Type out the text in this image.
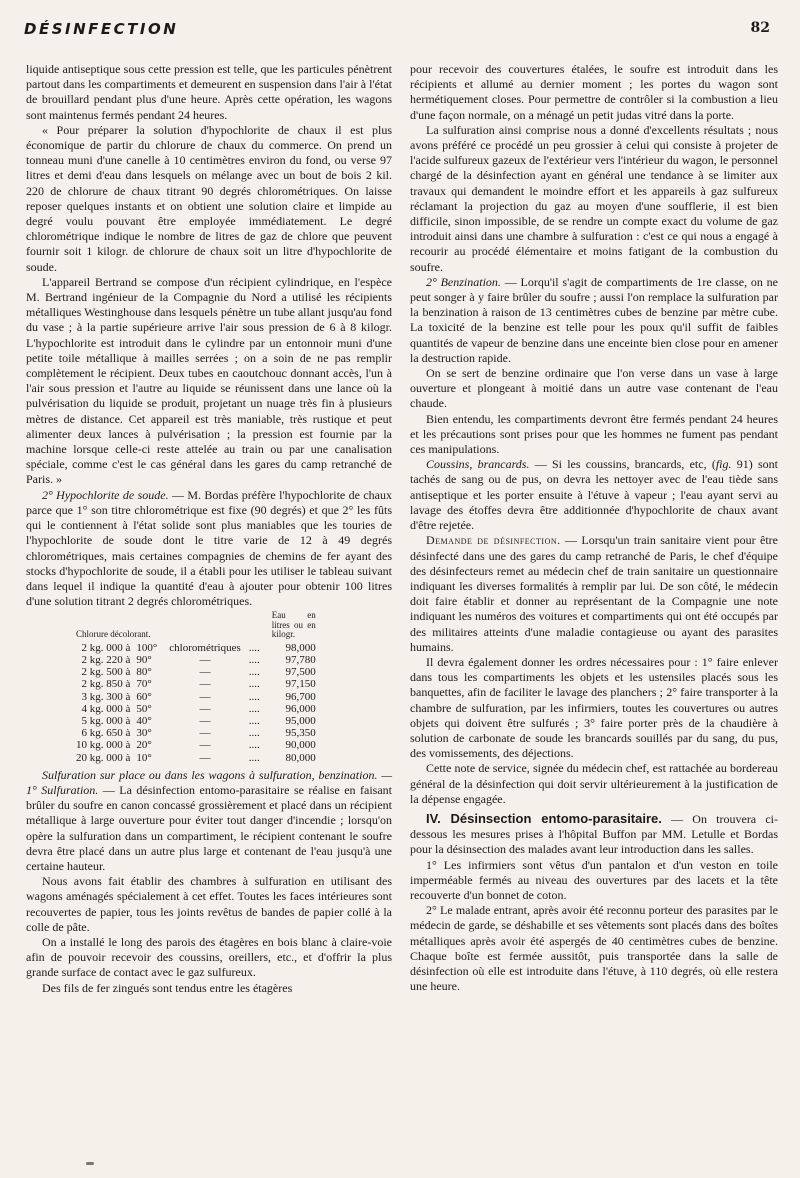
DÉSINFECTION	82

liquide antiseptique sous cette pression est telle, que les particules pénètrent partout dans les compartiments et demeurent en suspension dans l'air à l'état de brouillard pendant plus d'une heure. Après cette opération, les wagons sont maintenus fermés pendant 24 heures.

« Pour préparer la solution d'hypochlorite de chaux il est plus économique de partir du chlorure de chaux du commerce. On prend un tonneau muni d'une canelle à 10 centimètres environ du fond, ou verse 97 litres et demi d'eau dans lesquels on mélange avec un bout de bois 2 kil. 220 de chlorure de chaux titrant 90 degrés chlorométriques. On laisse reposer quelques instants et on obtient une solution claire et limpide au degré voulu pouvant être employée immédiatement. Le degré chlorométrique indique le nombre de litres de gaz de chlore que peuvent fournir soit 1 kilogr. de chlorure de chaux soit un litre d'hypochlorite de soude.

L'appareil Bertrand se compose d'un récipient cylindrique, en l'espèce M. Bertrand ingénieur de la Compagnie du Nord a utilisé les récipients métalliques Westinghouse dans lesquels pénètre un tube allant jusqu'au fond du vase ; à la partie supérieure arrive l'air sous pression de 6 à 8 kilogr. L'hypochlorite est introduit dans le cylindre par un entonnoir muni d'une petite toile métallique à mailles serrées ; on a soin de ne pas remplir complètement le récipient. Deux tubes en caoutchouc donnant accès, l'un à l'air sous pression et l'autre au liquide se réunissent dans une lance où la pulvérisation du liquide se produit, projetant un nuage très fin à plusieurs mètres de distance. Cet appareil est très maniable, très rustique et peut alimenter deux lances à pulvérisation ; la pression est fournie par la machine lorsque celle-ci reste attelée au train ou par une canalisation spéciale, comme c'est le cas général dans les gares du camp retranché de Paris. »

2° Hypochlorite de soude. — M. Bordas préfère l'hypochlorite de chaux parce que 1° son titre chlorométrique est fixe (90 degrés) et que 2° les fûts qui le contiennent à l'état solide sont plus maniables que les touries de l'hypochlorite de soude dont le titre varie de 12 à 49 degrés chlorométriques, mais certaines compagnies de chemins de fer ayant des stocks d'hypochlorite de soude, il a établi pour les utiliser le tableau suivant dans lequel il indique la quantité d'eau à ajouter pour obtenir 100 litres d'une solution titrant 2 degrés chlorométriques.

Chlorure décolorant.				Eau en litres ou en kilogr.
2 kg. 000 à	100°	chlorométriques	....	98,000
2 kg. 220 à	90°	—	....	97,780
2 kg. 500 à	80°	—	....	97,500
2 kg. 850 à	70°	—	....	97,150
3 kg. 300 à	60°	—	....	96,700
4 kg. 000 à	50°	—	....	96,000
5 kg. 000 à	40°	—	....	95,000
6 kg. 650 à	30°	—	....	95,350
10 kg. 000 à	20°	—	....	90,000
20 kg. 000 à	10°	—	....	80,000

Sulfuration sur place ou dans les wagons à sulfuration, benzination. — 1° Sulfuration. — La désinfection entomo-parasitaire se réalise en faisant brûler du soufre en canon concassé grossièrement et placé dans un récipient métallique à large ouverture pour éviter tout danger d'incendie ; lorsqu'on opère la sulfuration dans un compartiment, le récipient contenant le soufre devra être placé dans un autre plus large et contenant de l'eau jusqu'à une certaine hauteur.

Nous avons fait établir des chambres à sulfuration en utilisant des wagons aménagés spécialement à cet effet. Toutes les faces intérieures sont recouvertes de papier, tous les joints revêtus de bandes de papier collé à la colle de pâte.

On a installé le long des parois des étagères en bois blanc à claire-voie afin de pouvoir recevoir des coussins, oreillers, etc., et d'offrir la plus grande surface de contact avec le gaz sulfureux.

Des fils de fer zingués sont tendus entre les étagères

pour recevoir des couvertures étalées, le soufre est introduit dans les récipients et allumé au dernier moment ; les portes du wagon sont hermétiquement closes. Pour permettre de contrôler si la combustion a lieu d'une façon normale, on a ménagé un petit judas vitré dans la porte.

La sulfuration ainsi comprise nous a donné d'excellents résultats ; nous avons préféré ce procédé un peu grossier à celui qui consiste à projeter de l'acide sulfureux gazeux de l'extérieur vers l'intérieur du wagon, le personnel chargé de la désinfection ayant en général une tendance à se limiter aux travaux qui demandent le moindre effort et les appareils à gaz sulfureux réclamant la projection du gaz au moyen d'une soufflerie, il est bien difficile, sinon impossible, de se rendre un compte exact du volume de gaz introduit ainsi dans une chambre à sulfuration : c'est ce qui nous a engagé à recourir au procédé élémentaire et moins fatigant de la combustion du soufre.

2° Benzination. — Lorqu'il s'agit de compartiments de 1re classe, on ne peut songer à y faire brûler du soufre ; aussi l'on remplace la sulfuration par la benzination à raison de 13 centimètres cubes de benzine par mètre cube. La toxicité de la benzine est telle pour les poux qu'il suffit de faibles quantités de vapeur de benzine dans une enceinte bien close pour en amener la destruction rapide.

On se sert de benzine ordinaire que l'on verse dans un vase à large ouverture et plongeant à moitié dans un autre vase contenant de l'eau chaude.

Bien entendu, les compartiments devront être fermés pendant 24 heures et les précautions sont prises pour que les hommes ne fument pas pendant ces manipulations.

Coussins, brancards. — Si les coussins, brancards, etc, (fig. 91) sont tachés de sang ou de pus, on devra les nettoyer avec de l'eau tiède sans antiseptique et les porter ensuite à l'étuve à vapeur ; l'eau ayant servi au lavage des étoffes devra être additionnée d'hypochlorite de chaux avant d'être rejetée.

Demande de désinfection. — Lorsqu'un train sanitaire vient pour être désinfecté dans une des gares du camp retranché de Paris, le chef d'équipe des désinfecteurs remet au médecin chef de train sanitaire un questionnaire indiquant les diverses formalités à remplir par lui. De son côté, le médecin doit faire établir et donner au représentant de la Compagnie une note indiquant les numéros des voitures et compartiments qui ont été occupés par des militaires atteints d'une maladie contagieuse ou ayant des parasites humains.

Il devra également donner les ordres nécessaires pour : 1° faire enlever dans tous les compartiments les objets et les ustensiles placés sous les banquettes, afin de faciliter le lavage des planchers ; 2° faire transporter à la chambre de sulfuration, par les infirmiers, toutes les couvertures ou autres objets qui doivent être sulfurés ; 3° faire porter près de la chaudière à solution de carbonate de soude les brancards souillés par du sang, du pus, des vomissements, des déjections.

Cette note de service, signée du médecin chef, est rattachée au bordereau général de la désinfection qui doit servir ultérieurement à la justification de la dépense engagée.

IV. Désinsection entomo-parasitaire. — On trouvera ci-dessous les mesures prises à l'hôpital Buffon par MM. Letulle et Bordas pour la désinsection des malades avant leur introduction dans les salles.

1° Les infirmiers sont vêtus d'un pantalon et d'un veston en toile imperméable fermés au niveau des ouvertures par des lacets et la tête recouverte d'un bonnet de coton.

2° Le malade entrant, après avoir été reconnu porteur des parasites par le médecin de garde, se déshabille et ses vêtements sont placés dans des boîtes métalliques après avoir été aspergés de 40 centimètres cubes de benzine. Chaque boîte est fermée aussitôt, puis transportée dans la salle de désinfection où elle est introduite dans l'étuve, à 110 degrés, où elle restera une heure.
